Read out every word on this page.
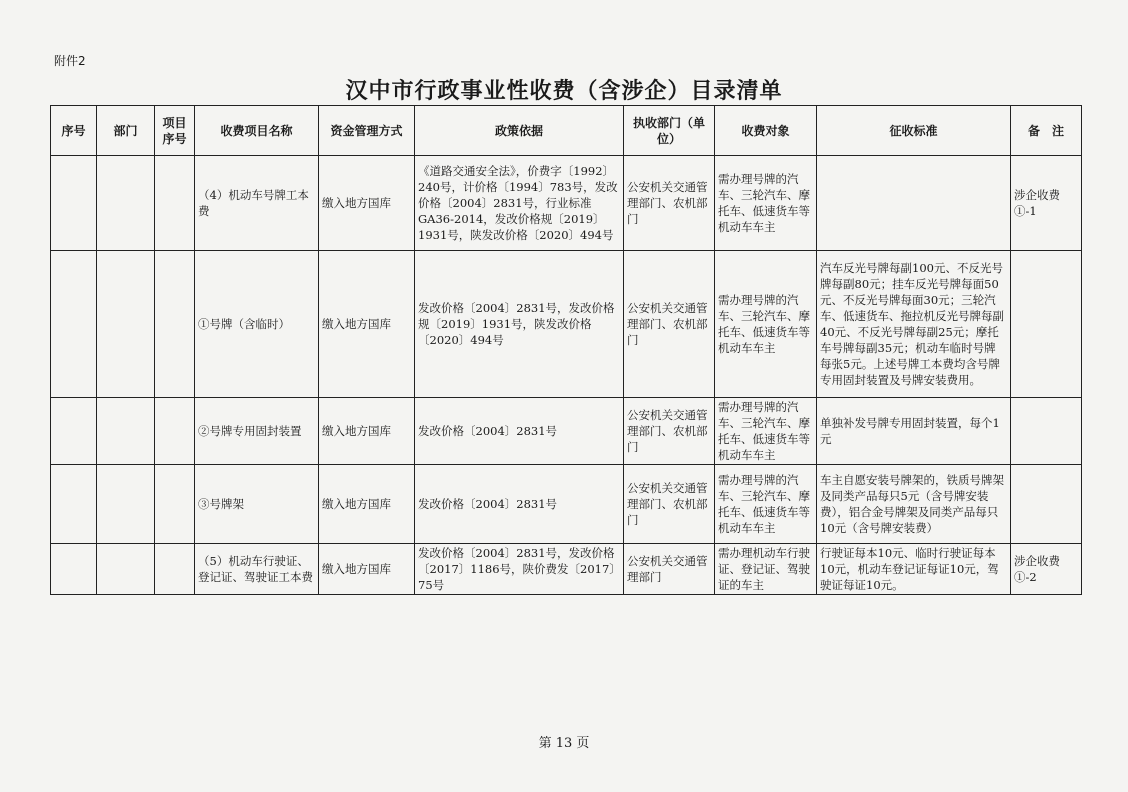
附件2
汉中市行政事业性收费（含涉企）目录清单
序号	部门	项目序号	收费项目名称	资金管理方式	政策依据	执收部门（单位）	收费对象	征收标准	备　注
			（4）机动车号牌工本费	缴入地方国库	《道路交通安全法》，价费字〔1992〕240号，计价格〔1994〕783号，发改价格〔2004〕2831号，行业标准GA36-2014，发改价格规〔2019〕1931号，陕发改价格〔2020〕494号	公安机关交通管理部门、农机部门	需办理号牌的汽车、三轮汽车、摩托车、低速货车等机动车车主		涉企收费①-1
			①号牌（含临时）	缴入地方国库	发改价格〔2004〕2831号，发改价格规〔2019〕1931号，陕发改价格〔2020〕494号	公安机关交通管理部门、农机部门	需办理号牌的汽车、三轮汽车、摩托车、低速货车等机动车车主	汽车反光号牌每副100元、不反光号牌每副80元；挂车反光号牌每面50元、不反光号牌每面30元；三轮汽车、低速货车、拖拉机反光号牌每副40元、不反光号牌每副25元；摩托车号牌每副35元；机动车临时号牌每张5元。上述号牌工本费均含号牌专用固封装置及号牌安装费用。	
			②号牌专用固封装置	缴入地方国库	发改价格〔2004〕2831号	公安机关交通管理部门、农机部门	需办理号牌的汽车、三轮汽车、摩托车、低速货车等机动车车主	单独补发号牌专用固封装置，每个1元	
			③号牌架	缴入地方国库	发改价格〔2004〕2831号	公安机关交通管理部门、农机部门	需办理号牌的汽车、三轮汽车、摩托车、低速货车等机动车车主	车主自愿安装号牌架的，铁质号牌架及同类产品每只5元（含号牌安装费），铝合金号牌架及同类产品每只10元（含号牌安装费）	
			（5）机动车行驶证、登记证、驾驶证工本费	缴入地方国库	发改价格〔2004〕2831号，发改价格〔2017〕1186号，陕价费发〔2017〕75号	公安机关交通管理部门	需办理机动车行驶证、登记证、驾驶证的车主	行驶证每本10元、临时行驶证每本10元，机动车登记证每证10元，驾驶证每证10元。	涉企收费①-2
第 13 页
